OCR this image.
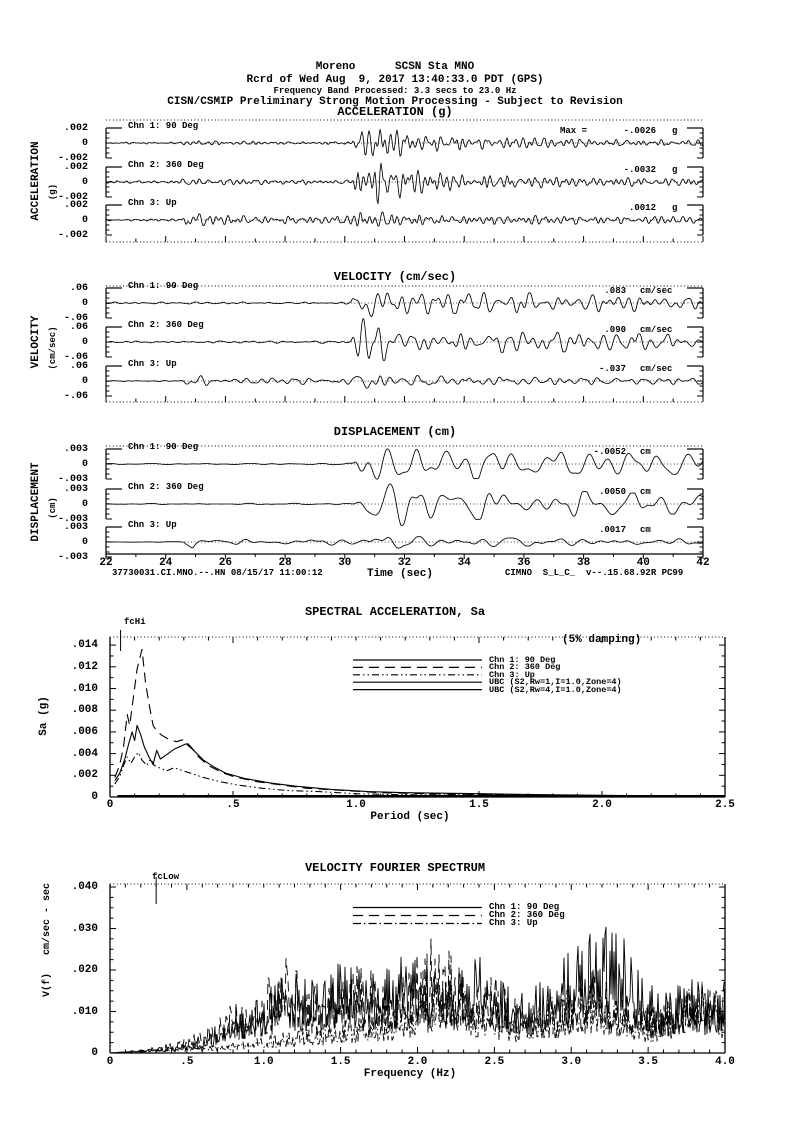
Moreno      SCSN Sta MNO
Rcrd of Wed Aug  9, 2017 13:40:33.0 PDT (GPS)
Frequency Band Processed: 3.3 secs to 23.0 Hz
CISN/CSMIP Preliminary Strong Motion Processing - Subject to Revision
ACCELERATION (g)
VELOCITY (cm/sec)
DISPLACEMENT (cm)
SPECTRAL ACCELERATION, Sa
VELOCITY FOURIER SPECTRUM
ACCELERATION (g)
VELOCITY (cm/sec)
DISPLACEMENT (cm)
Sa (g)
V(f)   cm/sec - sec
37730031.CI.MNO.--.HN 08/15/17 11:00:12	Time (sec)	CIMNO  S_L_C_  v--.15.68.92R PC99
fcHi
(5% damping)
Period (sec)
fcLow
Frequency (Hz)
Chn 1: 90 Deg	Max =	-.0026 g
Chn 2: 360 Deg	-.0032 g
Chn 3: Up	.0012 g
.002
.002
.002
0
0
0
-.002
-.002
-.002
Chn 1: 90 Deg	.083 cm/sec
Chn 2: 360 Deg	.090 cm/sec
Chn 3: Up	-.037 cm/sec
.06
.06
.06
0
0
0
-.06
-.06
-.06
22	24	26	28	30	32	34	36	38	40	42
Chn 1: 90 Deg	-.0052 cm
Chn 2: 360 Deg	.0050 cm
Chn 3: Up	.0017 cm
.003
.003
.003
0
0
0
-.003
-.003
-.003
0
.002
.004
.006
.008
.010
.012
.014
0	.5	1.0	1.5	2.0	2.5
Chn 1: 90 Deg
Chn 2: 360 Deg
Chn 3: Up
UBC (S2,Rw=1,I=1.0,Zone=4)
UBC (S2,Rw=4,I=1.0,Zone=4)
0
.010
.020
.030
.040
0	.5	1.0	1.5	2.0	2.5	3.0	3.5	4.0
Chn 1: 90 Deg
Chn 2: 360 Deg
Chn 3: Up
